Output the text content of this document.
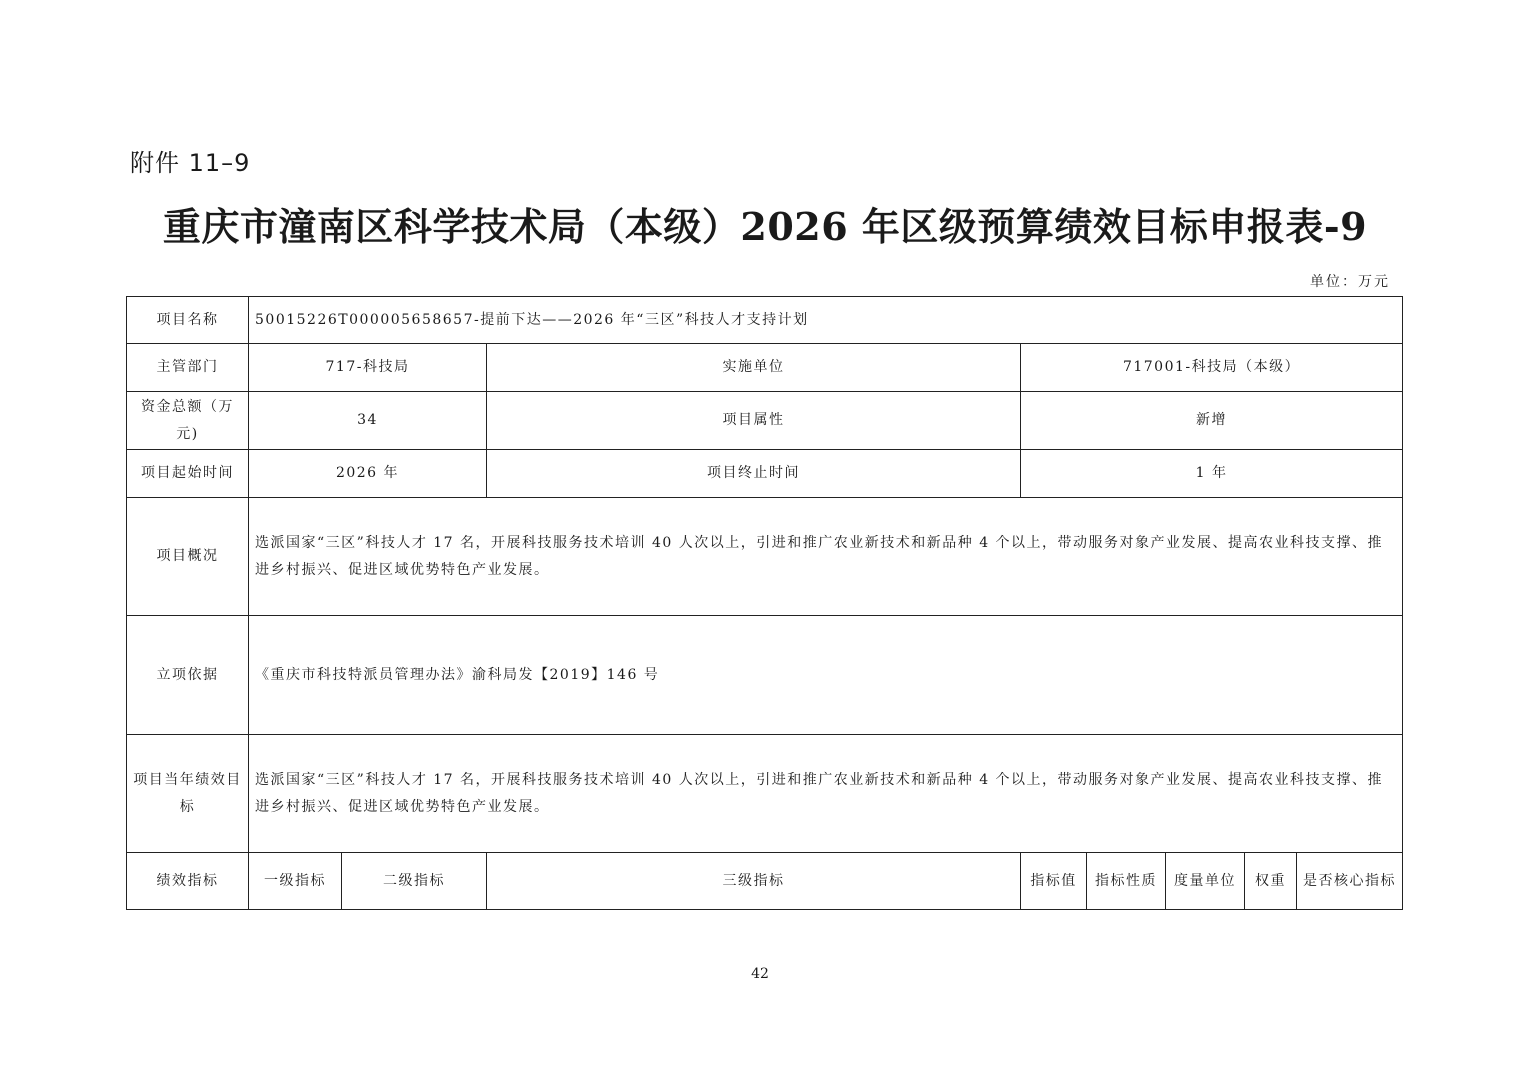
附件 11–9
重庆市潼南区科学技术局（本级）2026 年区级预算绩效目标申报表-9
单位：万元
项目名称	50015226T000005658657-提前下达——2026 年“三区”科技人才支持计划							
主管部门	717-科技局		实施单位	717001-科技局（本级）				
资金总额（万元)	34		项目属性	新增				
项目起始时间	2026 年		项目终止时间	1 年				
项目概况	选派国家“三区”科技人才 17 名，开展科技服务技术培训 40 人次以上，引进和推广农业新技术和新品种 4 个以上，带动服务对象产业发展、提高农业科技支撑、推进乡村振兴、促进区域优势特色产业发展。							
立项依据	《重庆市科技特派员管理办法》渝科局发【2019】146 号							
项目当年绩效目标	选派国家“三区”科技人才 17 名，开展科技服务技术培训 40 人次以上，引进和推广农业新技术和新品种 4 个以上，带动服务对象产业发展、提高农业科技支撑、推进乡村振兴、促进区域优势特色产业发展。							
绩效指标	一级指标	二级指标	三级指标	指标值	指标性质	度量单位	权重	是否核心指标
42
